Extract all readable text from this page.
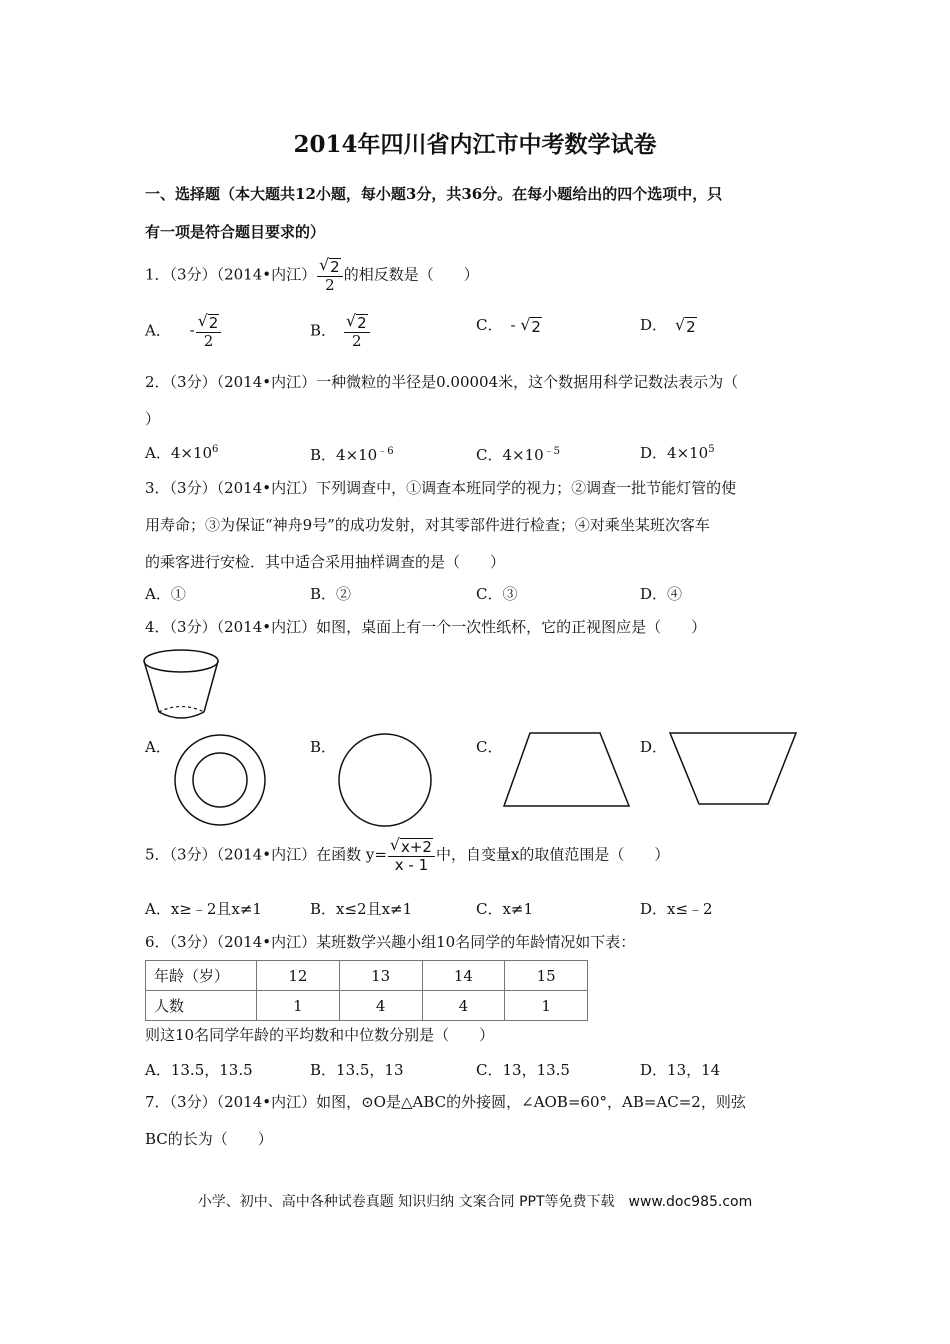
2014年四川省内江市中考数学试卷
一、选择题（本大题共12小题，每小题3分，共36分。在每小题给出的四个选项中，只
有一项是符合题目要求的）
1．（3分）（2014•内江） $\frac{√ 2}{2}$ 的相反数是（　　）
A． - $\frac{√ 2}{2}$	B． $\frac{√ 2}{2}$	C． - √ 2	D． √ 2
2．（3分）（2014•内江）一种微粒的半径是0.00004米，这个数据用科学记数法表示为（
）
A．$4\times 10^6$	B．$4\times 10^{﹣6}$	C．$4\times 10^{﹣5}$	D．$4\times 10^5$
3．（3分）（2014•内江）下列调查中，①调查本班同学的视力；②调查一批节能灯管的使
用寿命；③为保证“神舟9号”的成功发射，对其零部件进行检查；④对乘坐某班次客车
的乘客进行安检．其中适合采用抽样调查的是（　　）
A．①	B．②	C．③	D．④
4．（3分）（2014•内江）如图，桌面上有一个一次性纸杯，它的正视图应是（　　）
A．	B．	C．	D．
5．（3分）（2014•内江）在函数 $y= \frac{√ x+2}{x - 1}$ 中，自变量x的取值范围是（　　）
A．x≥﹣2且x≠1	B．x≤2且x≠1	C．x≠1	D．x≤﹣2
6．（3分）（2014•内江）某班数学兴趣小组10名同学的年龄情况如下表：
年龄（岁）	12	13	14	15
人数	1	4	4	1
则这10名同学年龄的平均数和中位数分别是（　　）
A．13.5，13.5	B．13.5，13	C．13，13.5	D．13，14
7．（3分）（2014•内江）如图，⊙O是△ABC的外接圆，∠AOB=60°，AB=AC=2，则弦
BC的长为（　　）
小学、初中、高中各种试卷真题 知识归纳 文案合同 PPT等免费下载　www.doc985.com
